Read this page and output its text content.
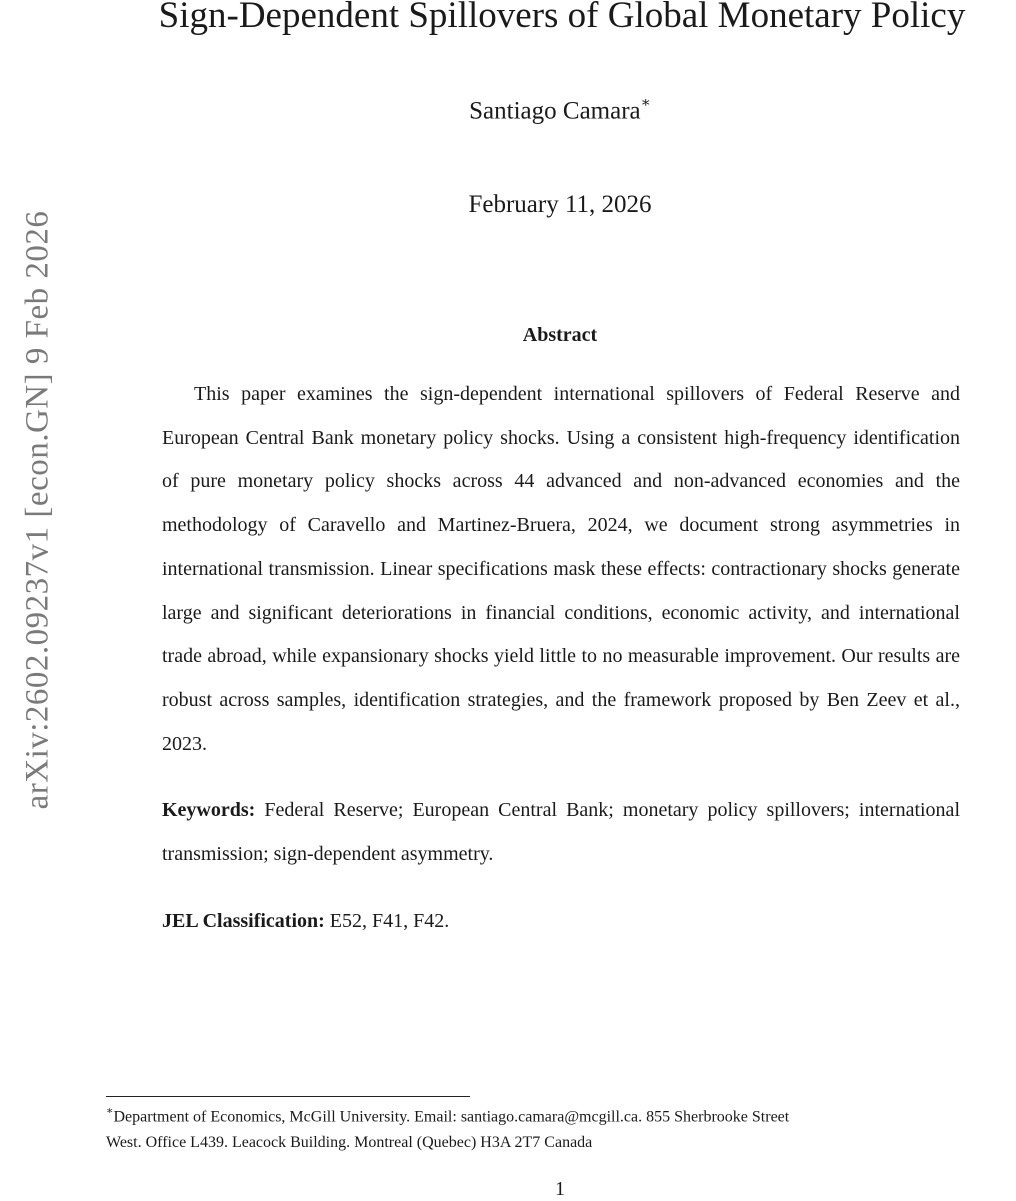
arXiv:2602.09237v1 [econ.GN] 9 Feb 2026
Sign-Dependent Spillovers of Global Monetary Policy
Santiago Camara∗
February 11, 2026
Abstract

This paper examines the sign-dependent international spillovers of Federal Reserve and European Central Bank monetary policy shocks. Using a consistent high-frequency identification of pure monetary policy shocks across 44 advanced and non-advanced economies and the methodology of Caravello and Martinez-Bruera, 2024, we document strong asymmetries in international transmission. Linear specifications mask these effects: contractionary shocks generate large and significant deteriorations in financial conditions, economic activity, and international trade abroad, while expansionary shocks yield little to no measurable improvement. Our results are robust across samples, identification strategies, and the framework proposed by Ben Zeev et al., 2023.

Keywords: Federal Reserve; European Central Bank; monetary policy spillovers; international transmission; sign-dependent asymmetry.

JEL Classification: E52, F41, F42.

∗Department of Economics, McGill University. Email: santiago.camara@mcgill.ca. 855 Sherbrooke Street
West. Office L439. Leacock Building. Montreal (Quebec) H3A 2T7 Canada
1
